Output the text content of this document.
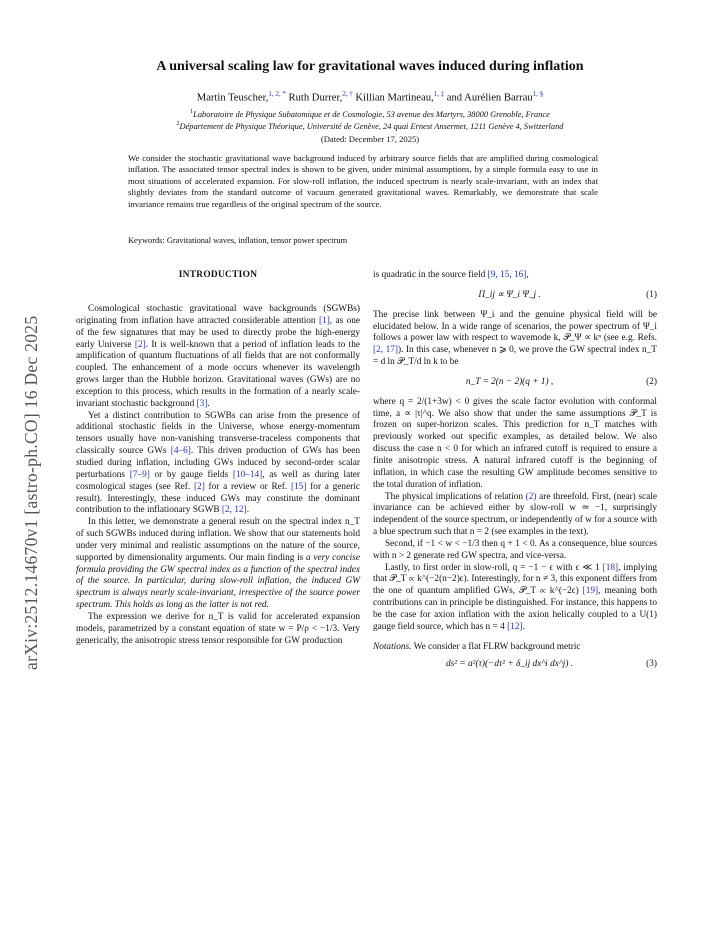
arXiv:2512.14670v1 [astro-ph.CO] 16 Dec 2025
A universal scaling law for gravitational waves induced during inflation
Martin Teuscher,$^{1, 2, *}$ Ruth Durrer,$^{2, \dagger}$ Killian Martineau,$^{1, \ddagger}$ and Aurélien Barrau$^{1, \S}$
$^1$Laboratoire de Physique Subatomique et de Cosmologie, 53 avenue des Martyrs, 38000 Grenoble, France
$^2$Département de Physique Théorique, Université de Genève, 24 quai Ernest Ansermet, 1211 Genève 4, Switzerland
(Dated: December 17, 2025)
We consider the stochastic gravitational wave background induced by arbitrary source fields that are amplified during cosmological inflation. The associated tensor spectral index is shown to be given, under minimal assumptions, by a simple formula easy to use in most situations of accelerated expansion. For slow-roll inflation, the induced spectrum is nearly scale-invariant, with an index that slightly deviates from the standard outcome of vacuum generated gravitational waves. Remarkably, we demonstrate that scale invariance remains true regardless of the original spectrum of the source.
Keywords: Gravitational waves, inflation, tensor power spectrum
INTRODUCTION

Cosmological stochastic gravitational wave backgrounds (SGWBs) originating from inflation have attracted considerable attention [1], as one of the few signatures that may be used to directly probe the high-energy early Universe [2]. It is well-known that a period of inflation leads to the amplification of quantum fluctuations of all fields that are not conformally coupled. The enhancement of a mode occurs whenever its wavelength grows larger than the Hubble horizon. Gravitational waves (GWs) are no exception to this process, which results in the formation of a nearly scale-invariant stochastic background [3].

Yet a distinct contribution to SGWBs can arise from the presence of additional stochastic fields in the Universe, whose energy-momentum tensors usually have non-vanishing transverse-traceless components that classically source GWs [4–6]. This driven production of GWs has been studied during inflation, including GWs induced by second-order scalar perturbations [7–9] or by gauge fields [10–14], as well as during later cosmological stages (see Ref. [2] for a review or Ref. [15] for a generic result). Interestingly, these induced GWs may constitute the dominant contribution to the inflationary SGWB [2, 12].

In this letter, we demonstrate a general result on the spectral index n_T of such SGWBs induced during inflation. We show that our statements hold under very minimal and realistic assumptions on the nature of the source, supported by dimensionality arguments. Our main finding is a very concise formula providing the GW spectral index as a function of the spectral index of the source. In particular, during slow-roll inflation, the induced GW spectrum is always nearly scale-invariant, irrespective of the source power spectrum. This holds as long as the latter is not red.

The expression we derive for n_T is valid for accelerated expansion models, parametrized by a constant equation of state w = P/ρ < −1/3. Very generically, the anisotropic stress tensor responsible for GW production

is quadratic in the source field [9, 15, 16],

Π_ij ∝ Ψ_i Ψ_j .	(1)

The precise link between Ψ_i and the genuine physical field will be elucidated below. In a wide range of scenarios, the power spectrum of Ψ_i follows a power law with respect to wavemode k, 𝒫_Ψ ∝ kⁿ (see e.g. Refs. [2, 17]). In this case, whenever n ⩾ 0, we prove the GW spectral index n_T = d ln 𝒫_T/d ln k to be

n_T = 2(n − 2)(q + 1) ,	(2)

where q = 2/(1+3w) < 0 gives the scale factor evolution with conformal time, a ∝ |τ|^q. We also show that under the same assumptions 𝒫_T is frozen on super-horizon scales. This prediction for n_T matches with previously worked out specific examples, as detailed below. We also discuss the case n < 0 for which an infrared cutoff is required to ensure a finite anisotropic stress. A natural infrared cutoff is the beginning of inflation, in which case the resulting GW amplitude becomes sensitive to the total duration of inflation.

The physical implications of relation (2) are threefold. First, (near) scale invariance can be achieved either by slow-roll w ≃ −1, surprisingly independent of the source spectrum, or independently of w for a source with a blue spectrum such that n = 2 (see examples in the text).

Second, if −1 < w < −1/3 then q + 1 < 0. As a consequence, blue sources with n > 2 generate red GW spectra, and vice-versa.

Lastly, to first order in slow-roll, q = −1 − ϵ with ϵ ≪ 1 [18], implying that 𝒫_T ∝ k^(−2(n−2)ϵ). Interestingly, for n ≠ 3, this exponent differs from the one of quantum amplified GWs, 𝒫_T ∝ k^(−2ϵ) [19], meaning both contributions can in principle be distinguished. For instance, this happens to be the case for axion inflation with the axion helically coupled to a U(1) gauge field source, which has n = 4 [12].

Notations. We consider a flat FLRW background metric

ds² = a²(τ)(−dτ² + δ_ij dx^i dx^j) .	(3)
